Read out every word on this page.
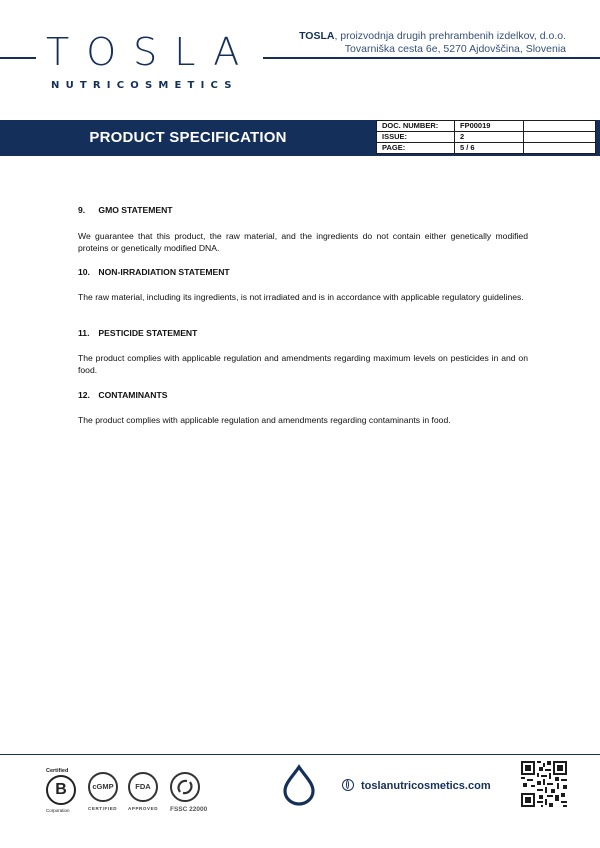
TOSLA
NUTRICOSMETICS
TOSLA, proizvodnja drugih prehrambenih izdelkov, d.o.o.
Tovarniška cesta 6e, 5270 Ajdovščina, Slovenia
PRODUCT SPECIFICATION
DOC. NUMBER:	FP00019	
ISSUE:	2	
PAGE:	5 / 6	
9. GMO STATEMENT

We guarantee that this product, the raw material, and the ingredients do not contain either genetically modified proteins or genetically modified DNA.

10. NON-IRRADIATION STATEMENT

The raw material, including its ingredients, is not irradiated and is in accordance with applicable regulatory guidelines.

11. PESTICIDE STATEMENT

The product complies with applicable regulation and amendments regarding maximum levels on pesticides in and on food.

12. CONTAMINANTS

The product complies with applicable regulation and amendments regarding contaminants in food.

Certified
B
Corporation
cGMP
CERTIFIED
FDA
APPROVED FSSC 22000
toslanutricosmetics.com
